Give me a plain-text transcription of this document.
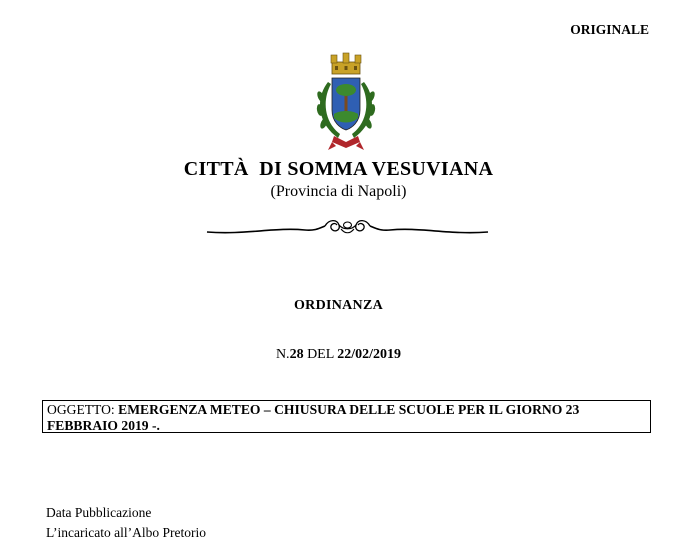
ORIGINALE
CITTÀ  DI SOMMA VESUVIANA
(Provincia di Napoli)
ORDINANZA
N.28 DEL 22/02/2019
OGGETTO: EMERGENZA METEO – CHIUSURA DELLE SCUOLE PER IL GIORNO 23 FEBBRAIO 2019 -.
Data Pubblicazione
L’incaricato all’Albo Pretorio
